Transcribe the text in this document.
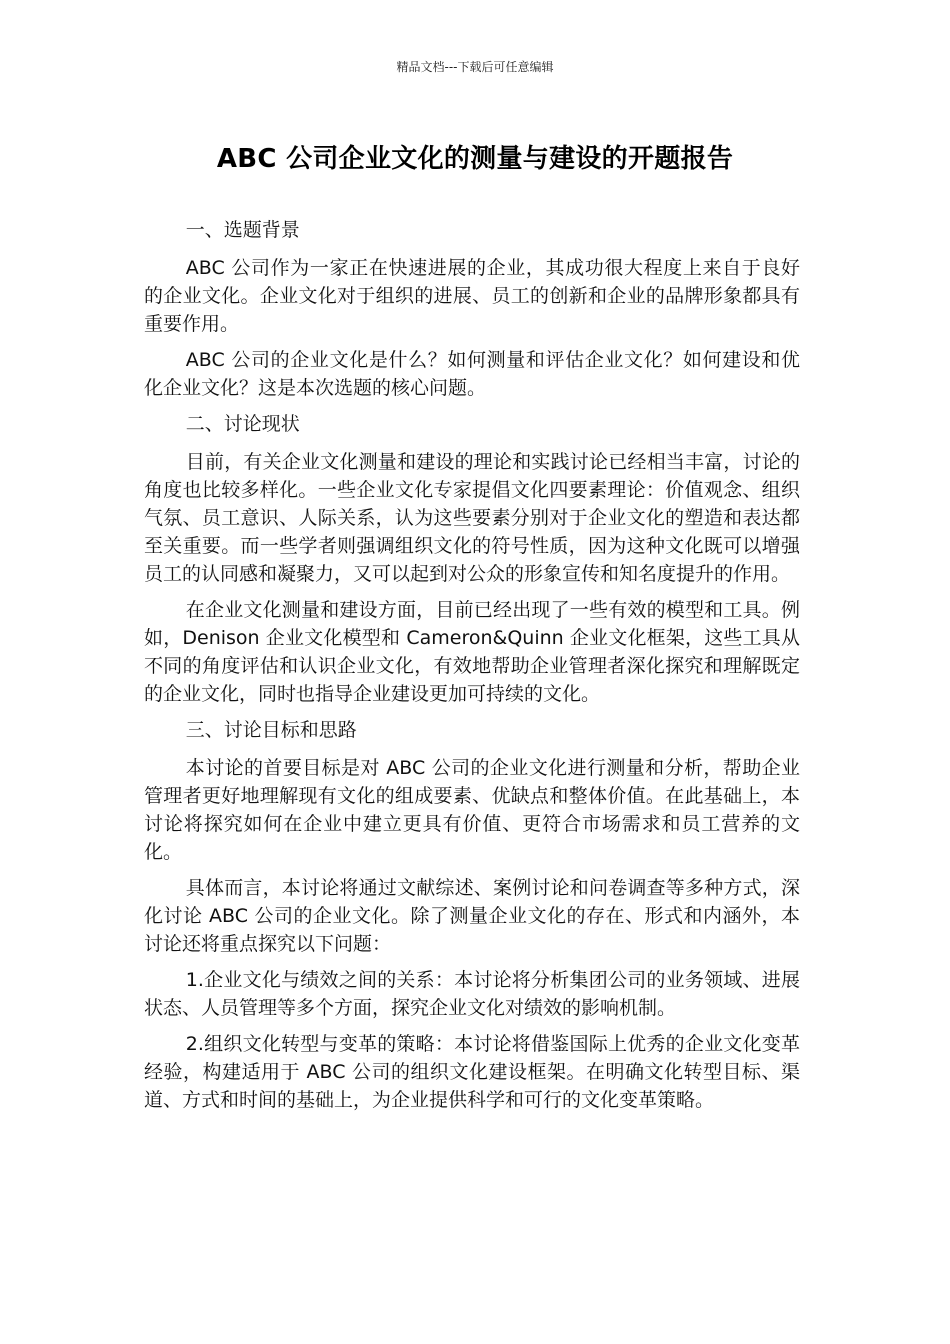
精品文档---下载后可任意编辑
ABC 公司企业文化的测量与建设的开题报告

一、选题背景

ABC 公司作为一家正在快速进展的企业，其成功很大程度上来自于良好的企业文化。企业文化对于组织的进展、员工的创新和企业的品牌形象都具有重要作用。

ABC 公司的企业文化是什么？如何测量和评估企业文化？如何建设和优化企业文化？这是本次选题的核心问题。

二、讨论现状

目前，有关企业文化测量和建设的理论和实践讨论已经相当丰富，讨论的角度也比较多样化。一些企业文化专家提倡文化四要素理论：价值观念、组织气氛、员工意识、人际关系，认为这些要素分别对于企业文化的塑造和表达都至关重要。而一些学者则强调组织文化的符号性质，因为这种文化既可以增强员工的认同感和凝聚力，又可以起到对公众的形象宣传和知名度提升的作用。

在企业文化测量和建设方面，目前已经出现了一些有效的模型和工具。例如，Denison 企业文化模型和 Cameron&Quinn 企业文化框架，这些工具从不同的角度评估和认识企业文化，有效地帮助企业管理者深化探究和理解既定的企业文化，同时也指导企业建设更加可持续的文化。

三、讨论目标和思路

本讨论的首要目标是对 ABC 公司的企业文化进行测量和分析，帮助企业管理者更好地理解现有文化的组成要素、优缺点和整体价值。在此基础上，本讨论将探究如何在企业中建立更具有价值、更符合市场需求和员工营养的文化。

具体而言，本讨论将通过文献综述、案例讨论和问卷调查等多种方式，深化讨论 ABC 公司的企业文化。除了测量企业文化的存在、形式和内涵外，本讨论还将重点探究以下问题：

1.企业文化与绩效之间的关系：本讨论将分析集团公司的业务领域、进展状态、人员管理等多个方面，探究企业文化对绩效的影响机制。

2.组织文化转型与变革的策略：本讨论将借鉴国际上优秀的企业文化变革经验，构建适用于 ABC 公司的组织文化建设框架。在明确文化转型目标、渠道、方式和时间的基础上，为企业提供科学和可行的文化变革策略。
